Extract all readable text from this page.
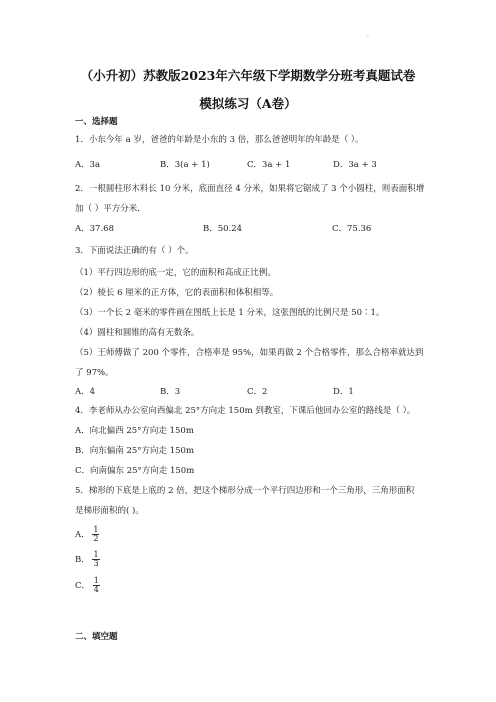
·
（小升初）苏教版2023年六年级下学期数学分班考真题试卷
模拟练习（A卷）
一、选择题
1．小东今年 a 岁，爸爸的年龄是小东的 3 倍，那么爸爸明年的年龄是（ ）。
A．3a	B．3(a + 1)	C．3a + 1	D．3a + 3
2．一根圆柱形木料长 10 分米，底面直径 4 分米，如果将它锯成了 3 个小圆柱，则表面积增
加（ ）平方分米．
A．37.68	B．50.24	C．75.36
3．下面说法正确的有（ ）个。
（1）平行四边形的底一定，它的面积和高成正比例。
（2）棱长 6 厘米的正方体，它的表面积和体积相等。
（3）一个长 2 毫米的零件画在图纸上长是 1 分米，这张图纸的比例尺是 50∶1。
（4）圆柱和圆锥的高有无数条。
（5）王师傅做了 200 个零件，合格率是 95%，如果再做 2 个合格零件，那么合格率就达到
了 97%。
A．4	B．3	C．2	D．1
4．李老师从办公室向西偏北 25°方向走 150m 到教室，下课后他回办公室的路线是（ ）。
A．向北偏西 25°方向走 150m
B．向东偏南 25°方向走 150m
C．向南偏东 25°方向走 150m
5．梯形的下底是上底的 2 倍，把这个梯形分成一个平行四边形和一个三角形，三角形面积
是梯形面积的( )。
A． $\frac{1}{2}$
B． $\frac{1}{3}$
C． $\frac{1}{4}$
二、填空题
